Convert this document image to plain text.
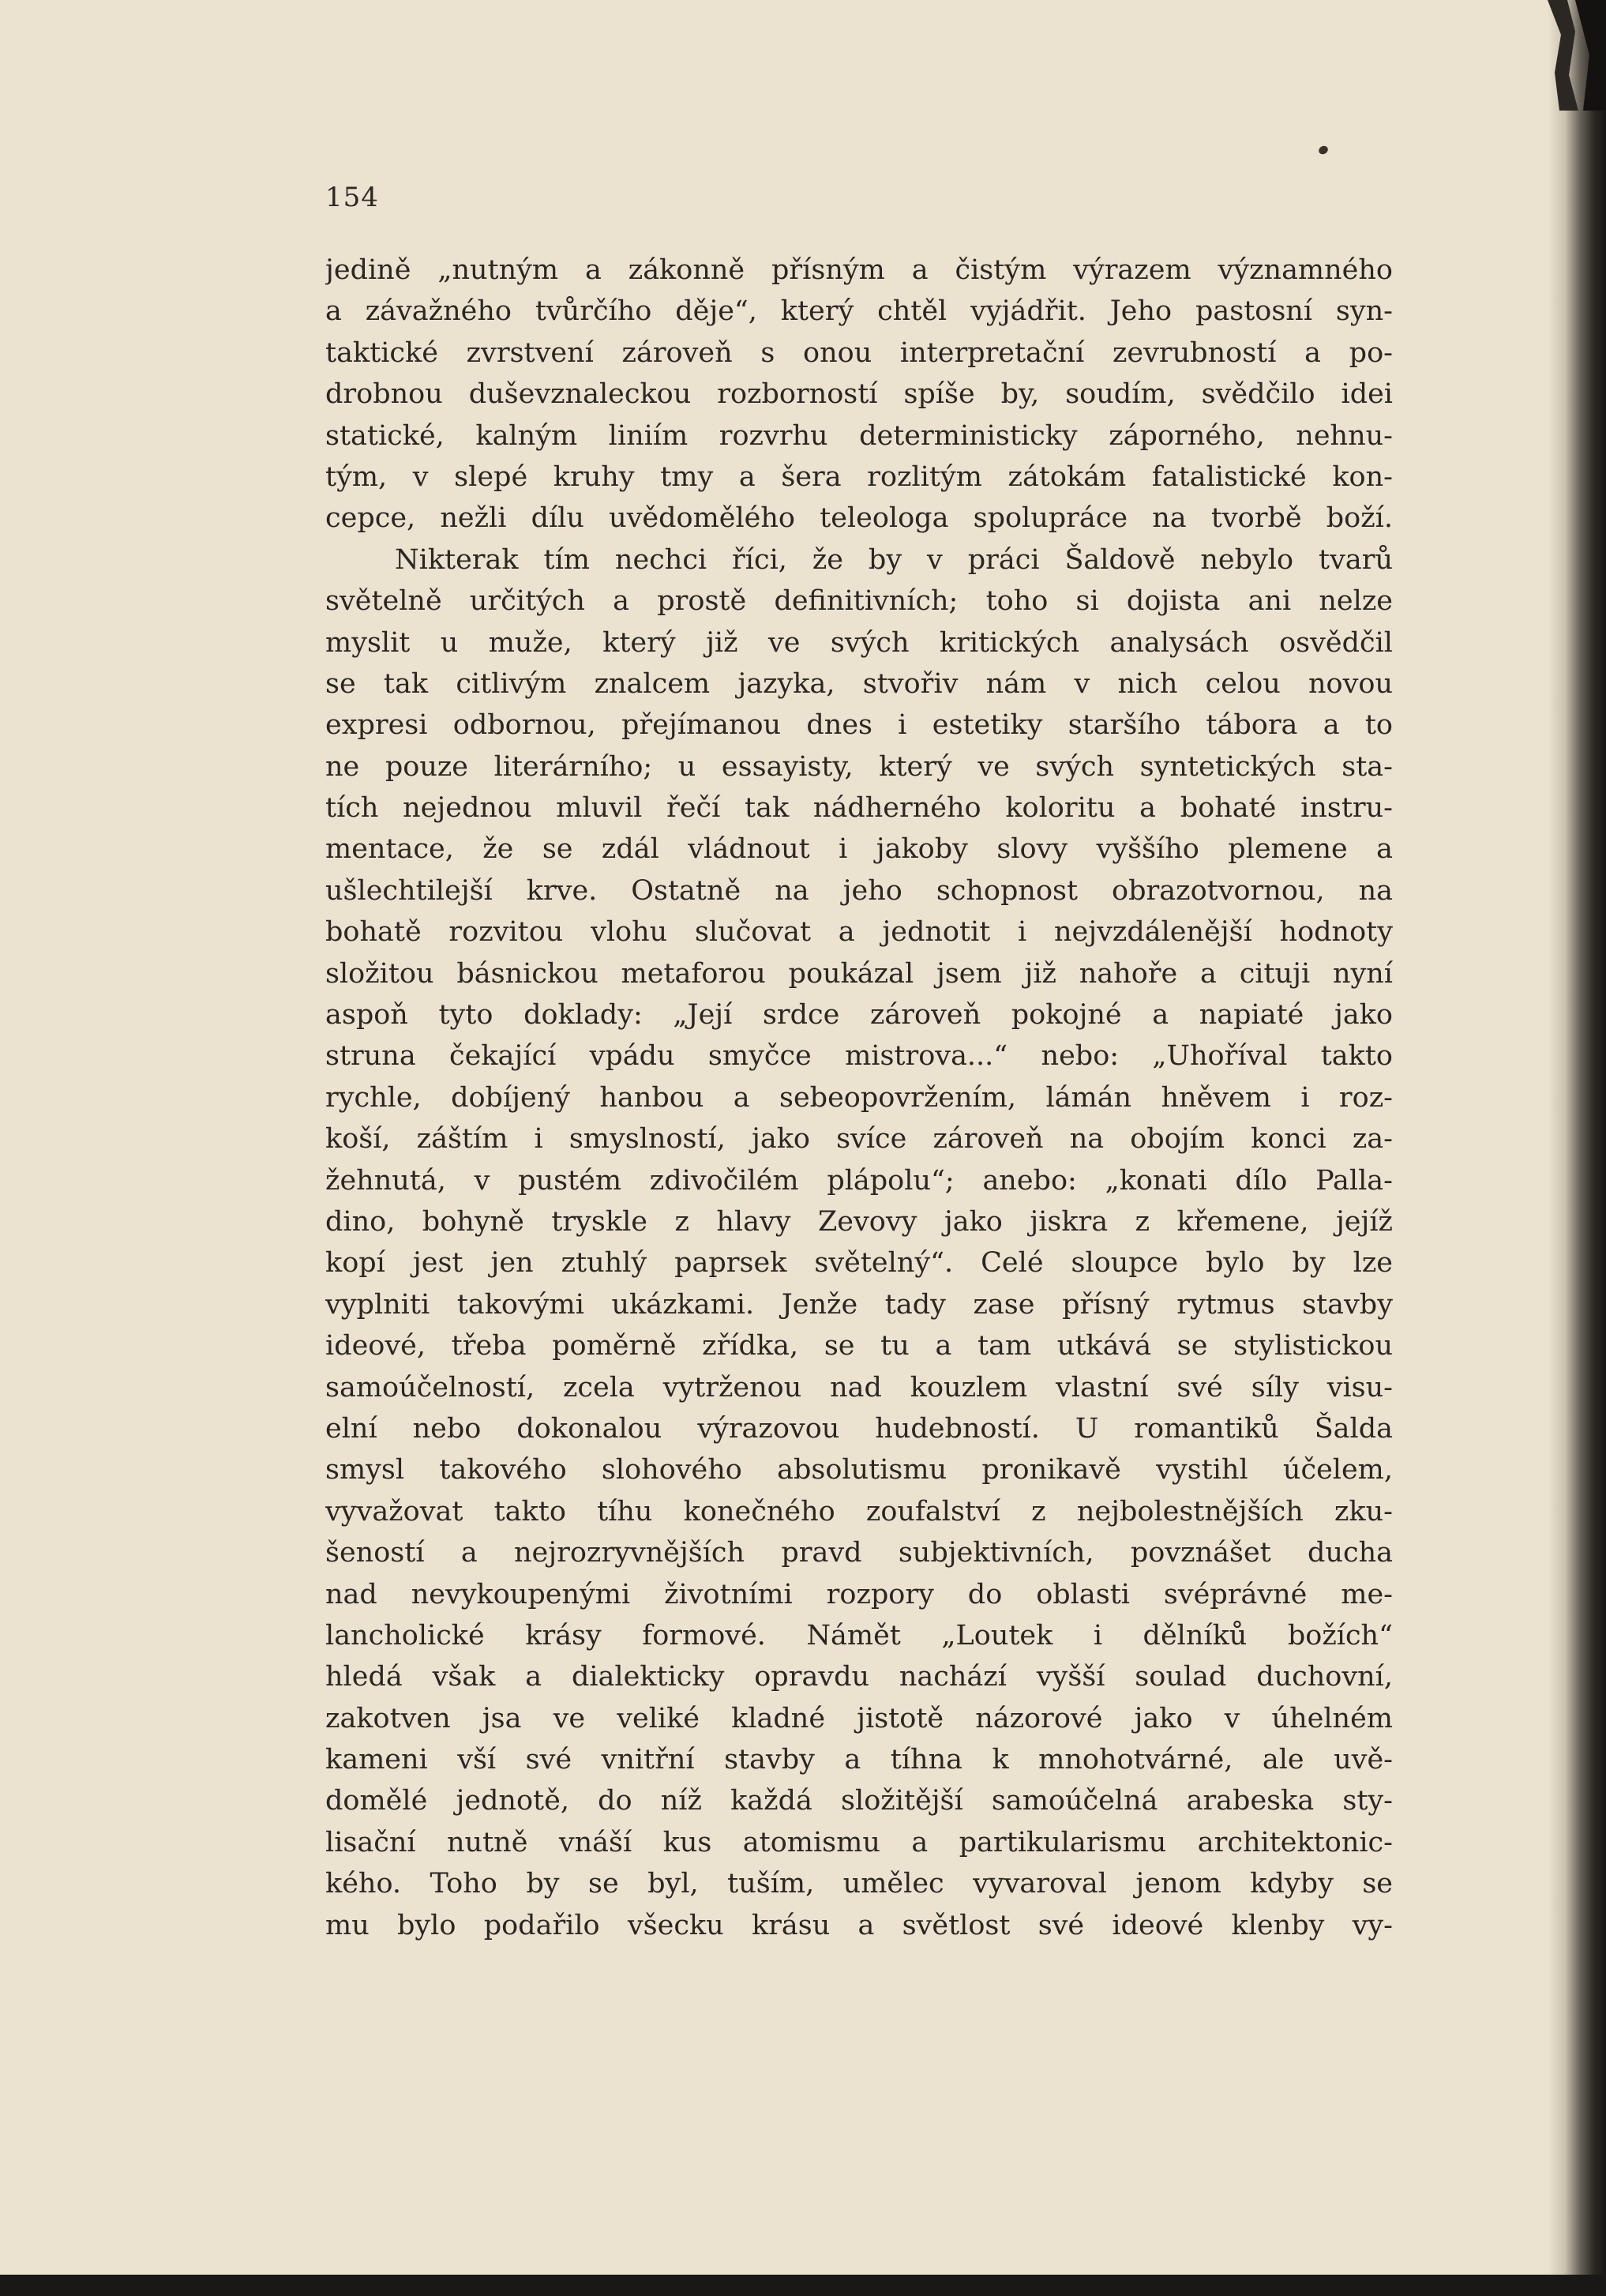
154
jedině „nutným a zákonně přísným a čistým výrazem významného
a závažného tvůrčího děje“, který chtěl vyjádřit. Jeho pastosní syn-
taktické zvrstvení zároveň s onou interpretační zevrubností a po-
drobnou duševznaleckou rozborností spíše by, soudím, svědčilo idei
statické, kalným liniím rozvrhu deterministicky záporného, nehnu-
tým, v slepé kruhy tmy a šera rozlitým zátokám fatalistické kon-
cepce, nežli dílu uvědomělého teleologa spolupráce na tvorbě boží.
Nikterak tím nechci říci, že by v práci Šaldově nebylo tvarů
světelně určitých a prostě definitivních; toho si dojista ani nelze
myslit u muže, který již ve svých kritických analysách osvědčil
se tak citlivým znalcem jazyka, stvořiv nám v nich celou novou
expresi odbornou, přejímanou dnes i estetiky staršího tábora a to
ne pouze literárního; u essayisty, který ve svých syntetických sta-
tích nejednou mluvil řečí tak nádherného koloritu a bohaté instru-
mentace, že se zdál vládnout i jakoby slovy vyššího plemene a
ušlechtilejší krve. Ostatně na jeho schopnost obrazotvornou, na
bohatě rozvitou vlohu slučovat a jednotit i nejvzdálenější hodnoty
složitou básnickou metaforou poukázal jsem již nahoře a cituji nyní
aspoň tyto doklady: „Její srdce zároveň pokojné a napiaté jako
struna čekající vpádu smyčce mistrova...“ nebo: „Uhoříval takto
rychle, dobíjený hanbou a sebeopovržením, lámán hněvem i roz-
koší, záštím i smyslností, jako svíce zároveň na obojím konci za-
žehnutá, v pustém zdivočilém plápolu“; anebo: „konati dílo Palla-
dino, bohyně tryskle z hlavy Zevovy jako jiskra z křemene, jejíž
kopí jest jen ztuhlý paprsek světelný“. Celé sloupce bylo by lze
vyplniti takovými ukázkami. Jenže tady zase přísný rytmus stavby
ideové, třeba poměrně zřídka, se tu a tam utkává se stylistickou
samoúčelností, zcela vytrženou nad kouzlem vlastní své síly visu-
elní nebo dokonalou výrazovou hudebností. U romantiků Šalda
smysl takového slohového absolutismu pronikavě vystihl účelem,
vyvažovat takto tíhu konečného zoufalství z nejbolestnějších zku-
šeností a nejrozryvnějších pravd subjektivních, povznášet ducha
nad nevykoupenými životními rozpory do oblasti svéprávné me-
lancholické krásy formové. Námět „Loutek i dělníků božích“
hledá však a dialekticky opravdu nachází vyšší soulad duchovní,
zakotven jsa ve veliké kladné jistotě názorové jako v úhelném
kameni vší své vnitřní stavby a tíhna k mnohotvárné, ale uvě-
domělé jednotě, do níž každá složitější samoúčelná arabeska sty-
lisační nutně vnáší kus atomismu a partikularismu architektonic-
kého. Toho by se byl, tuším, umělec vyvaroval jenom kdyby se
mu bylo podařilo všecku krásu a světlost své ideové klenby vy-
